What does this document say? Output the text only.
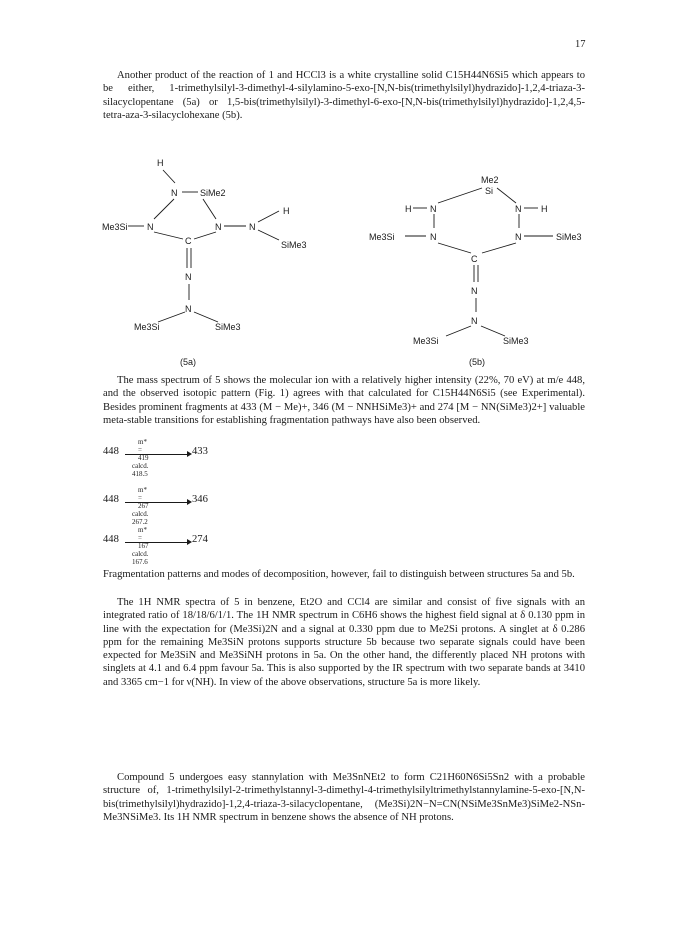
17

Another product of the reaction of 1 and HCCl3 is a white crystalline solid C15H44N6Si5 which appears to be either, 1-trimethylsilyl-3-dimethyl-4-silylamino-5-exo-[N,N-bis(trimethylsilyl)hydrazido]-1,2,4-triaza-3-silacyclopentane (5a) or 1,5-bis(trimethylsilyl)-3-dimethyl-6-exo-[N,N-bis(trimethylsilyl)hydrazido]-1,2,4,5-tetra-aza-3-silacyclohexane (5b).

H
N	SiMe2
H
Me3Si N	N	N
SiMe3
C
N
N
Me3Si	SiMe3
(5a)
Me2
Si
H N	N H
Me3Si	N	N	SiMe3
C
N
N
Me3Si	SiMe3
(5b)

The mass spectrum of 5 shows the molecular ion with a relatively higher intensity (22%, 70 eV) at m/e 448, and the observed isotopic pattern (Fig. 1) agrees with that calculated for C15H44N6Si5 (see Experimental). Besides prominent fragments at 433 (M − Me)+, 346 (M − NNHSiMe3)+ and 274 [M − NN(SiMe3)2+] valuable meta-stable transitions for establishing fragmentation pathways have also been observed.

m* = 419
448	433
calcd. 418.5
m* = 267
448	346
calcd. 267.2
m* = 167
448	274
calcd. 167.6

Fragmentation patterns and modes of decomposition, however, fail to distinguish between structures 5a and 5b.

The 1H NMR spectra of 5 in benzene, Et2O and CCl4 are similar and consist of five signals with an integrated ratio of 18/18/6/1/1. The 1H NMR spectrum in C6H6 shows the highest field signal at δ 0.130 ppm in line with the expectation for (Me3Si)2N and a signal at 0.330 ppm due to Me2Si protons. A singlet at δ 0.286 ppm for the remaining Me3SiN protons supports structure 5b because two separate signals could have been expected for Me3SiN and Me3SiNH protons in 5a. On the other hand, the differently placed NH protons with singlets at 4.1 and 6.4 ppm favour 5a. This is also supported by the IR spectrum with two separate bands at 3410 and 3365 cm−1 for ν(NH). In view of the above observations, structure 5a is more likely.

Compound 5 undergoes easy stannylation with Me3SnNEt2 to form C21H60N6Si5Sn2 with a probable structure of, 1-trimethylsilyl-2-trimethylstannyl-3-dimethyl-4-trimethylsilyltrimethylstannylamine-5-exo-[N,N-bis(trimethylsilyl)hydrazido]-1,2,4-triaza-3-silacyclopentane, (Me3Si)2N−N=CN(NSiMe3SnMe3)SiMe2-NSn-Me3NSiMe3. Its 1H NMR spectrum in benzene shows the absence of NH protons.
